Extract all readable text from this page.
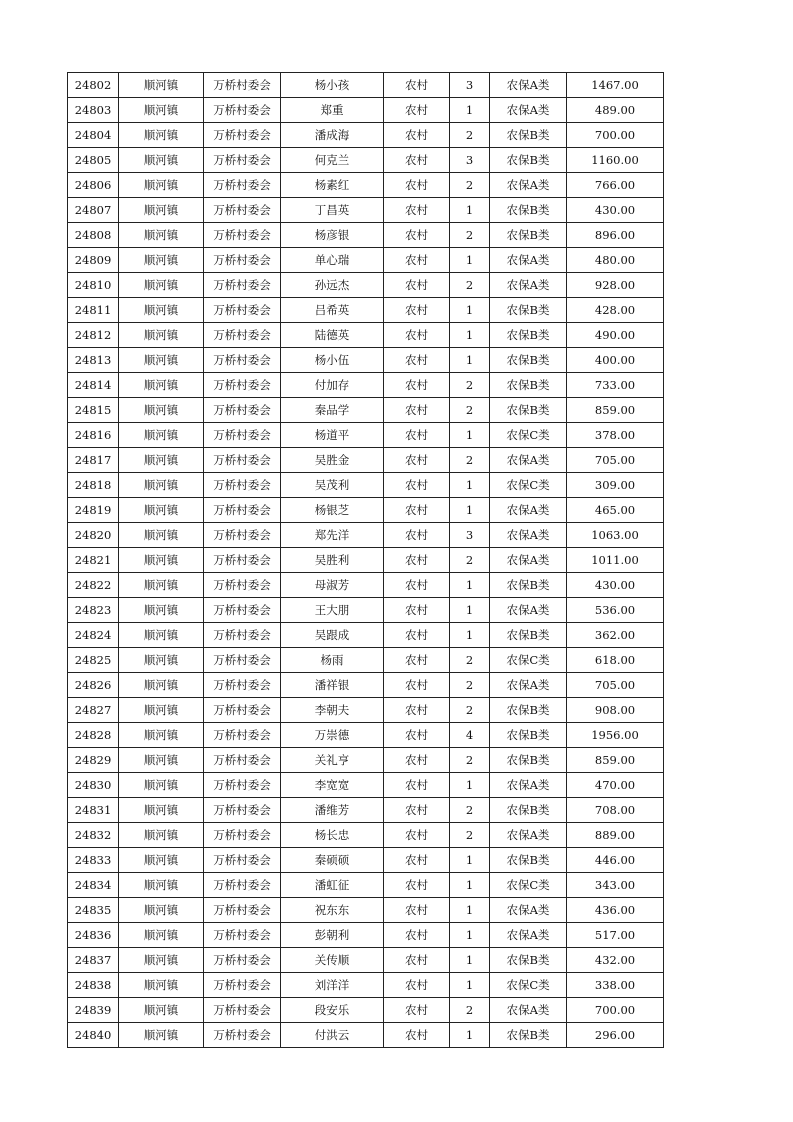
24802	顺河镇	万桥村委会	杨小孩	农村	3	农保A类	1467.00
24803	顺河镇	万桥村委会	郑重	农村	1	农保A类	489.00
24804	顺河镇	万桥村委会	潘成海	农村	2	农保B类	700.00
24805	顺河镇	万桥村委会	何克兰	农村	3	农保B类	1160.00
24806	顺河镇	万桥村委会	杨素红	农村	2	农保A类	766.00
24807	顺河镇	万桥村委会	丁昌英	农村	1	农保B类	430.00
24808	顺河镇	万桥村委会	杨彦银	农村	2	农保B类	896.00
24809	顺河镇	万桥村委会	单心瑞	农村	1	农保A类	480.00
24810	顺河镇	万桥村委会	孙远杰	农村	2	农保A类	928.00
24811	顺河镇	万桥村委会	吕希英	农村	1	农保B类	428.00
24812	顺河镇	万桥村委会	陆德英	农村	1	农保B类	490.00
24813	顺河镇	万桥村委会	杨小伍	农村	1	农保B类	400.00
24814	顺河镇	万桥村委会	付加存	农村	2	农保B类	733.00
24815	顺河镇	万桥村委会	秦品学	农村	2	农保B类	859.00
24816	顺河镇	万桥村委会	杨道平	农村	1	农保C类	378.00
24817	顺河镇	万桥村委会	吴胜金	农村	2	农保A类	705.00
24818	顺河镇	万桥村委会	吴茂利	农村	1	农保C类	309.00
24819	顺河镇	万桥村委会	杨银芝	农村	1	农保A类	465.00
24820	顺河镇	万桥村委会	郑先洋	农村	3	农保A类	1063.00
24821	顺河镇	万桥村委会	吴胜利	农村	2	农保A类	1011.00
24822	顺河镇	万桥村委会	母淑芳	农村	1	农保B类	430.00
24823	顺河镇	万桥村委会	王大朋	农村	1	农保A类	536.00
24824	顺河镇	万桥村委会	吴跟成	农村	1	农保B类	362.00
24825	顺河镇	万桥村委会	杨雨	农村	2	农保C类	618.00
24826	顺河镇	万桥村委会	潘祥银	农村	2	农保A类	705.00
24827	顺河镇	万桥村委会	李朝夫	农村	2	农保B类	908.00
24828	顺河镇	万桥村委会	万崇德	农村	4	农保B类	1956.00
24829	顺河镇	万桥村委会	关礼亨	农村	2	农保B类	859.00
24830	顺河镇	万桥村委会	李宽宽	农村	1	农保A类	470.00
24831	顺河镇	万桥村委会	潘维芳	农村	2	农保B类	708.00
24832	顺河镇	万桥村委会	杨长忠	农村	2	农保A类	889.00
24833	顺河镇	万桥村委会	秦硕硕	农村	1	农保B类	446.00
24834	顺河镇	万桥村委会	潘虹征	农村	1	农保C类	343.00
24835	顺河镇	万桥村委会	祝东东	农村	1	农保A类	436.00
24836	顺河镇	万桥村委会	彭朝利	农村	1	农保A类	517.00
24837	顺河镇	万桥村委会	关传顺	农村	1	农保B类	432.00
24838	顺河镇	万桥村委会	刘洋洋	农村	1	农保C类	338.00
24839	顺河镇	万桥村委会	段安乐	农村	2	农保A类	700.00
24840	顺河镇	万桥村委会	付洪云	农村	1	农保B类	296.00
